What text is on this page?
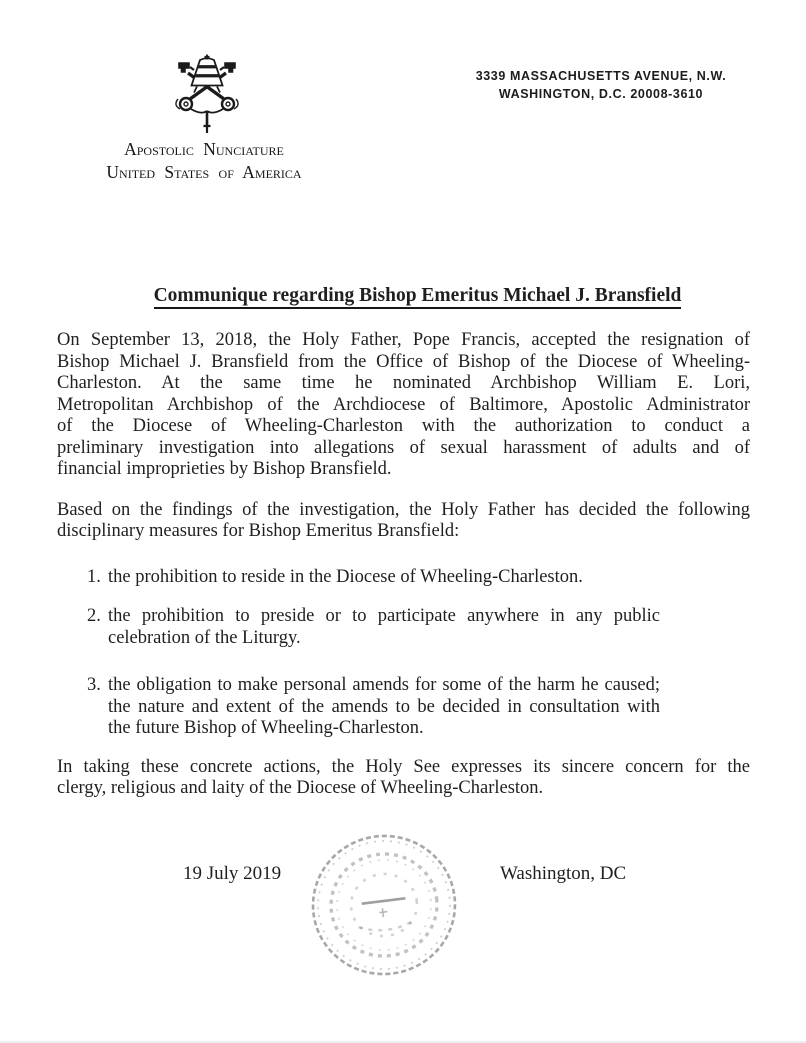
3339 MASSACHUSETTS AVENUE, N.W.
WASHINGTON, D.C. 20008-3610
Apostolic Nunciature
United States of America
Communique regarding Bishop Emeritus Michael J. Bransfield
On September 13, 2018, the Holy Father, Pope Francis, accepted the resignation of
Bishop Michael J. Bransfield from the Office of Bishop of the Diocese of Wheeling-
Charleston. At the same time he nominated Archbishop William E. Lori,
Metropolitan Archbishop of the Archdiocese of Baltimore, Apostolic Administrator
of the Diocese of Wheeling-Charleston with the authorization to conduct a
preliminary investigation into allegations of sexual harassment of adults and of
financial improprieties by Bishop Bransfield.
Based on the findings of the investigation, the Holy Father has decided the following
disciplinary measures for Bishop Emeritus Bransfield:
1. the prohibition to reside in the Diocese of Wheeling-Charleston.
2. the prohibition to preside or to participate anywhere in any public
celebration of the Liturgy.
3. the obligation to make personal amends for some of the harm he caused;
the nature and extent of the amends to be decided in consultation with
the future Bishop of Wheeling-Charleston.
In taking these concrete actions, the Holy See expresses its sincere concern for the
clergy, religious and laity of the Diocese of Wheeling-Charleston.
19 July 2019	Washington, DC
